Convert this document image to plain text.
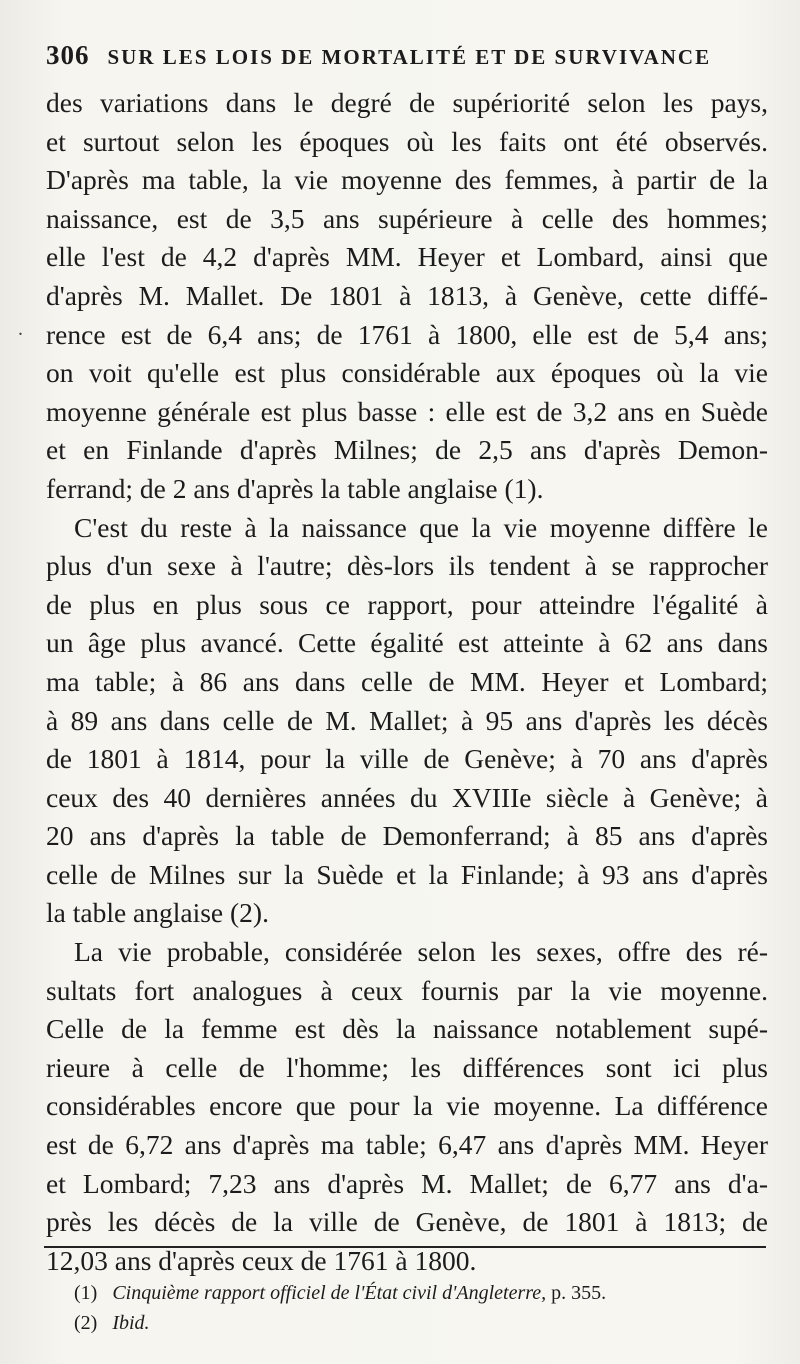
306 SUR LES LOIS DE MORTALITÉ ET DE SURVIVANCE
.
des variations dans le degré de supériorité selon les pays,
et surtout selon les époques où les faits ont été observés.
D'après ma table, la vie moyenne des femmes, à partir de la
naissance, est de 3,5 ans supérieure à celle des hommes;
elle l'est de 4,2 d'après MM. Heyer et Lombard, ainsi que
d'après M. Mallet. De 1801 à 1813, à Genève, cette diffé-
rence est de 6,4 ans; de 1761 à 1800, elle est de 5,4 ans;
on voit qu'elle est plus considérable aux époques où la vie
moyenne générale est plus basse : elle est de 3,2 ans en Suède
et en Finlande d'après Milnes; de 2,5 ans d'après Demon-
ferrand; de 2 ans d'après la table anglaise (1).
C'est du reste à la naissance que la vie moyenne diffère le
plus d'un sexe à l'autre; dès-lors ils tendent à se rapprocher
de plus en plus sous ce rapport, pour atteindre l'égalité à
un âge plus avancé. Cette égalité est atteinte à 62 ans dans
ma table; à 86 ans dans celle de MM. Heyer et Lombard;
à 89 ans dans celle de M. Mallet; à 95 ans d'après les décès
de 1801 à 1814, pour la ville de Genève; à 70 ans d'après
ceux des 40 dernières années du XVIIIe siècle à Genève; à
20 ans d'après la table de Demonferrand; à 85 ans d'après
celle de Milnes sur la Suède et la Finlande; à 93 ans d'après
la table anglaise (2).
La vie probable, considérée selon les sexes, offre des ré-
sultats fort analogues à ceux fournis par la vie moyenne.
Celle de la femme est dès la naissance notablement supé-
rieure à celle de l'homme; les différences sont ici plus
considérables encore que pour la vie moyenne. La différence
est de 6,72 ans d'après ma table; 6,47 ans d'après MM. Heyer
et Lombard; 7,23 ans d'après M. Mallet; de 6,77 ans d'a-
près les décès de la ville de Genève, de 1801 à 1813; de
12,03 ans d'après ceux de 1761 à 1800.
(1) Cinquième rapport officiel de l'État civil d'Angleterre, p. 355.
(2) Ibid.
